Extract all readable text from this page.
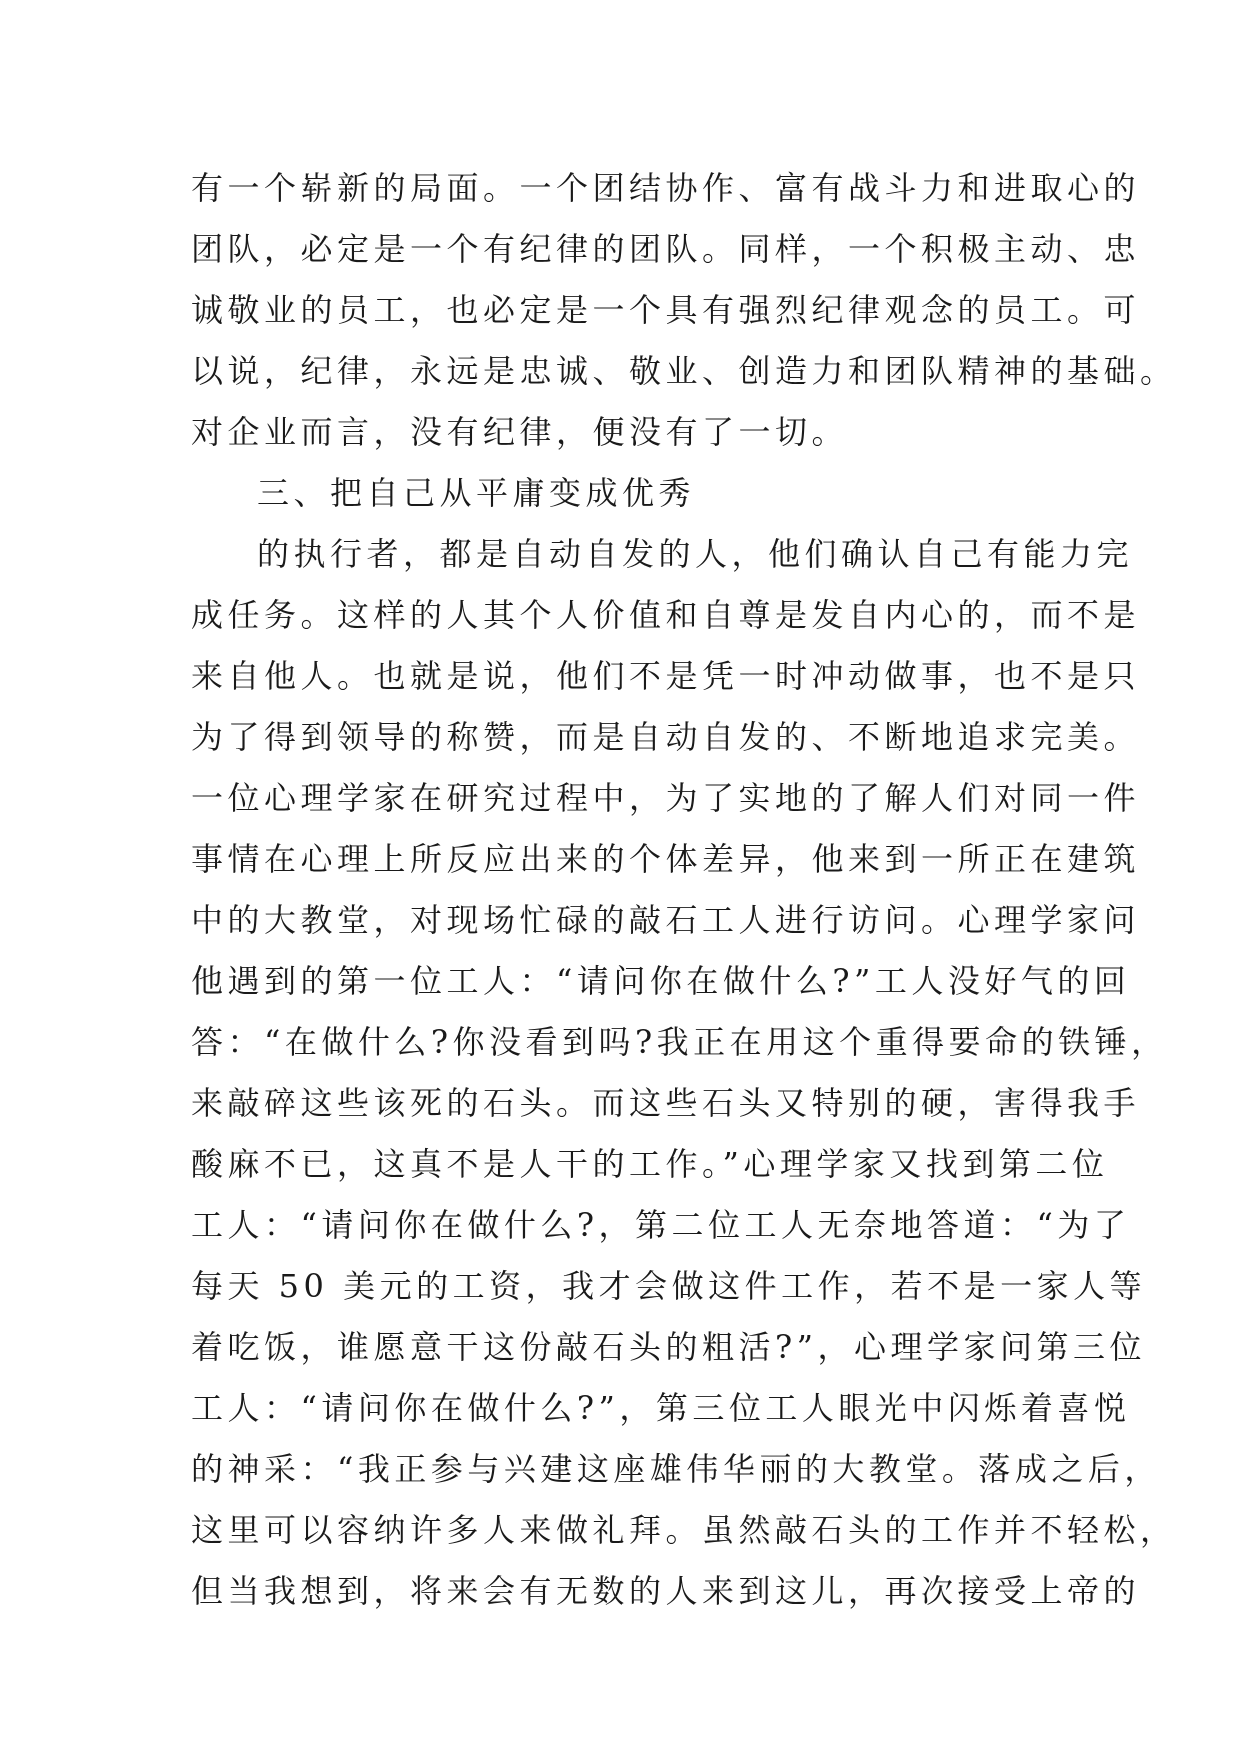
有一个崭新的局面。一个团结协作、富有战斗力和进取心的
团队，必定是一个有纪律的团队。同样，一个积极主动、忠
诚敬业的员工，也必定是一个具有强烈纪律观念的员工。可
以说，纪律，永远是忠诚、敬业、创造力和团队精神的基础。
对企业而言，没有纪律，便没有了一切。
三、把自己从平庸变成优秀
的执行者，都是自动自发的人，他们确认自己有能力完
成任务。这样的人其个人价值和自尊是发自内心的，而不是
来自他人。也就是说，他们不是凭一时冲动做事，也不是只
为了得到领导的称赞，而是自动自发的、不断地追求完美。
一位心理学家在研究过程中，为了实地的了解人们对同一件
事情在心理上所反应出来的个体差异，他来到一所正在建筑
中的大教堂，对现场忙碌的敲石工人进行访问。心理学家问
他遇到的第一位工人：“请问你在做什么?”工人没好气的回
答：“在做什么?你没看到吗?我正在用这个重得要命的铁锤，
来敲碎这些该死的石头。而这些石头又特别的硬，害得我手
酸麻不已，这真不是人干的工作。”心理学家又找到第二位
工人：“请问你在做什么?，第二位工人无奈地答道：“为了
每天 50 美元的工资，我才会做这件工作，若不是一家人等
着吃饭，谁愿意干这份敲石头的粗活?”，心理学家问第三位
工人：“请问你在做什么?”，第三位工人眼光中闪烁着喜悦
的神采：“我正参与兴建这座雄伟华丽的大教堂。落成之后，
这里可以容纳许多人来做礼拜。虽然敲石头的工作并不轻松，
但当我想到，将来会有无数的人来到这儿，再次接受上帝的
